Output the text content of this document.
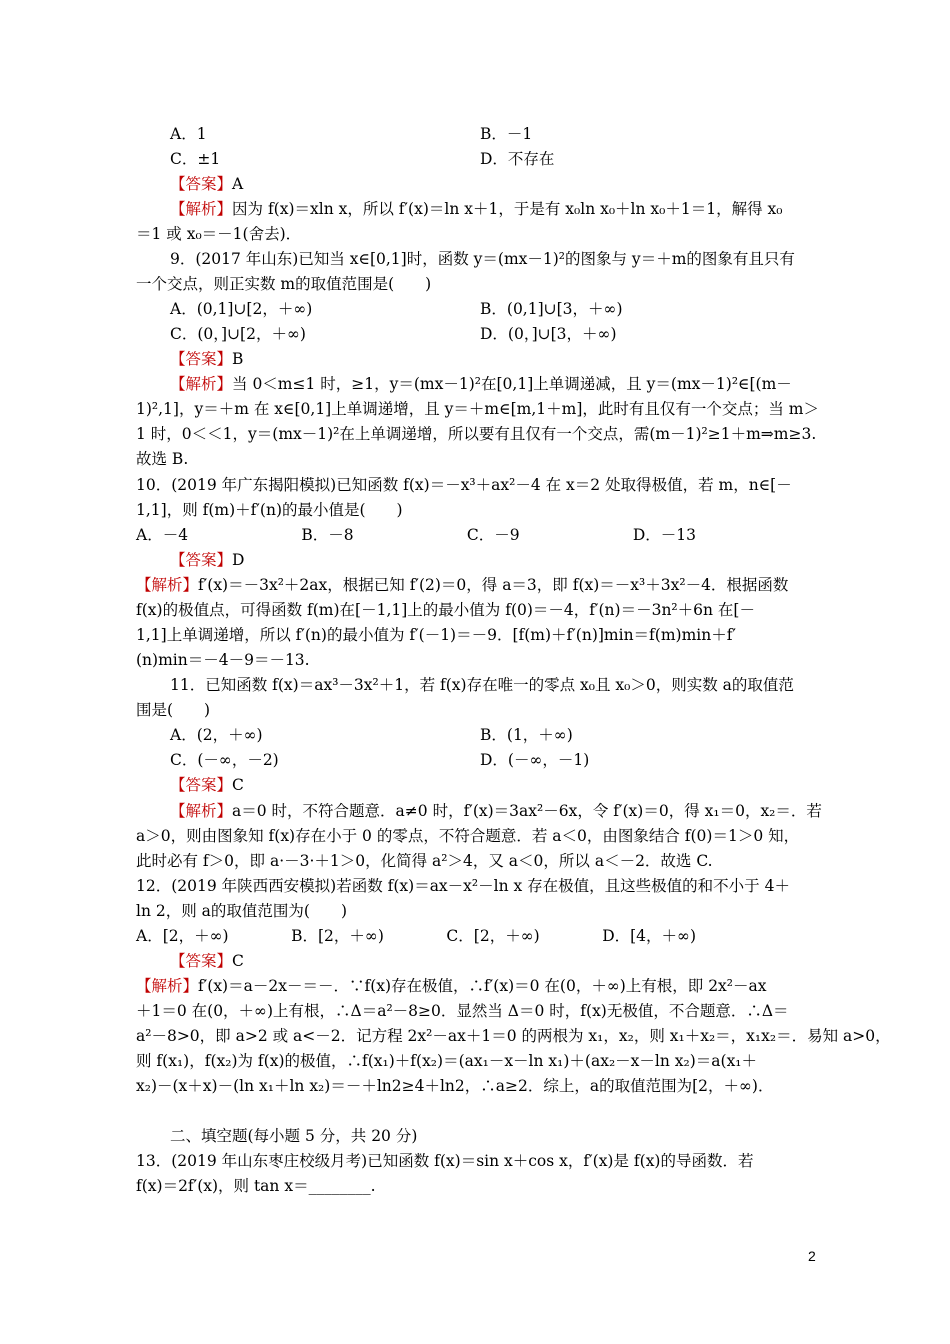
A．1	B．－1
C．±1	D．不存在
【答案】A
【解析】因为 f(x)＝xln x，所以 f′(x)＝ln x＋1，于是有 x₀ln x₀＋ln x₀＋1＝1，解得 x₀
＝1 或 x₀＝－1(舍去)．
9．(2017 年山东)已知当 x∈[0,1]时，函数 y＝(mx－1)²的图象与 y＝＋m的图象有且只有
一个交点，则正实数 m的取值范围是(　　)
A．(0,1]∪[2，＋∞)	B．(0,1]∪[3，＋∞)
C．(0，]∪[2，＋∞)	D．(0，]∪[3，＋∞)
【答案】B
【解析】当 0＜m≤1 时，≥1，y＝(mx－1)²在[0,1]上单调递减，且 y＝(mx－1)²∈[(m－
1)²,1]，y＝＋m 在 x∈[0,1]上单调递增，且 y＝＋m∈[m,1＋m]，此时有且仅有一个交点；当 m＞
1 时，0＜＜1，y＝(mx－1)²在上单调递增，所以要有且仅有一个交点，需(m－1)²≥1＋m⇒m≥3.
故选 B.
10．(2019 年广东揭阳模拟)已知函数 f(x)＝－x³＋ax²－4 在 x＝2 处取得极值，若 m，n∈[－
1,1]，则 f(m)＋f′(n)的最小值是(　　)
A．－4	B．－8	C．－9	D．－13
【答案】D
【解析】f′(x)＝－3x²＋2ax，根据已知 f′(2)＝0，得 a＝3，即 f(x)＝－x³＋3x²－4．根据函数
f(x)的极值点，可得函数 f(m)在[－1,1]上的最小值为 f(0)＝－4，f′(n)＝－3n²＋6n 在[－
1,1]上单调递增，所以 f′(n)的最小值为 f′(－1)＝－9．[f(m)＋f′(n)]min＝f(m)min＋f′
(n)min＝－4－9＝－13.
11．已知函数 f(x)＝ax³－3x²＋1，若 f(x)存在唯一的零点 x₀且 x₀＞0，则实数 a的取值范
围是(　　)
A．(2，＋∞)	B．(1，＋∞)
C．(－∞，－2)	D．(－∞，－1)
【答案】C
【解析】a＝0 时，不符合题意．a≠0 时，f′(x)＝3ax²－6x，令 f′(x)＝0，得 x₁＝0，x₂＝．若
a＞0，则由图象知 f(x)存在小于 0 的零点，不符合题意．若 a＜0，由图象结合 f(0)＝1＞0 知，
此时必有 f＞0，即 a·－3·＋1＞0，化简得 a²＞4，又 a＜0，所以 a＜－2．故选 C.
12．(2019 年陕西西安模拟)若函数 f(x)＝ax－x²－ln x 存在极值，且这些极值的和不小于 4＋
ln 2，则 a的取值范围为(　　)
A．[2，＋∞)	B．[2，＋∞)	C．[2，＋∞)	D．[4，＋∞)
【答案】C
【解析】f′(x)＝a－2x－＝－．∵f(x)存在极值，∴f′(x)＝0 在(0，＋∞)上有根，即 2x²－ax
＋1＝0 在(0，＋∞)上有根，∴Δ＝a²－8≥0．显然当 Δ＝0 时，f(x)无极值，不合题意．∴Δ＝
a²－8>0，即 a>2 或 a<－2．记方程 2x²－ax＋1＝0 的两根为 x₁，x₂，则 x₁＋x₂＝，x₁x₂＝．易知 a>0，
则 f(x₁)，f(x₂)为 f(x)的极值，∴f(x₁)＋f(x₂)＝(ax₁－x－ln x₁)＋(ax₂－x－ln x₂)＝a(x₁＋
x₂)－(x＋x)－(ln x₁＋ln x₂)＝－＋ln2≥4＋ln2，∴a≥2．综上，a的取值范围为[2，＋∞)．
二、填空题(每小题 5 分，共 20 分)
13．(2019 年山东枣庄校级月考)已知函数 f(x)＝sin x＋cos x，f′(x)是 f(x)的导函数．若
f(x)＝2f′(x)，则 tan x＝________.
2
